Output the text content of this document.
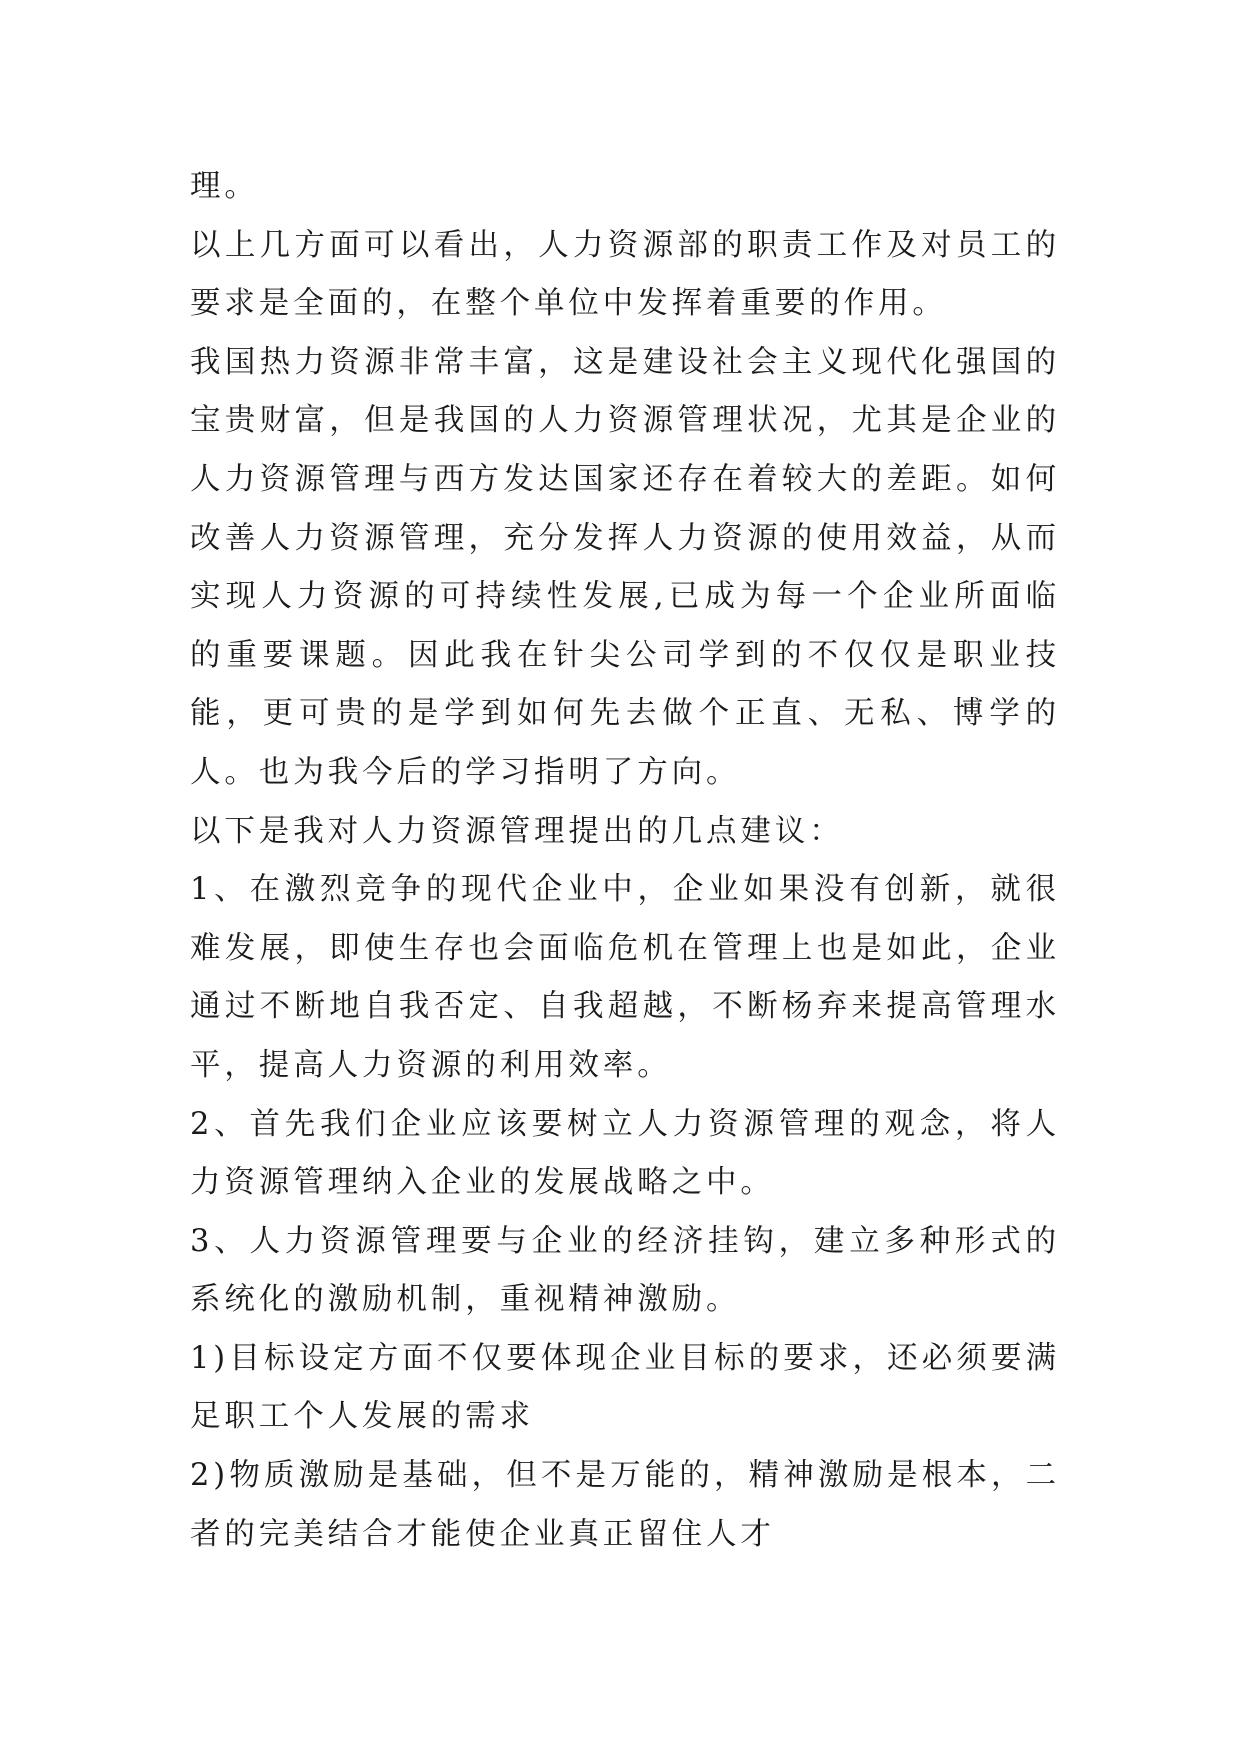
理。

以上几方面可以看出，人力资源部的职责工作及对员工的要求是全面的，在整个单位中发挥着重要的作用。

我国热力资源非常丰富，这是建设社会主义现代化强国的宝贵财富，但是我国的人力资源管理状况，尤其是企业的人力资源管理与西方发达国家还存在着较大的差距。如何改善人力资源管理，充分发挥人力资源的使用效益，从而实现人力资源的可持续性发展,已成为每一个企业所面临的重要课题。因此我在针尖公司学到的不仅仅是职业技能，更可贵的是学到如何先去做个正直、无私、博学的人。也为我今后的学习指明了方向。

以下是我对人力资源管理提出的几点建议：

1、在激烈竞争的现代企业中，企业如果没有创新，就很难发展，即使生存也会面临危机在管理上也是如此，企业通过不断地自我否定、自我超越，不断杨弃来提高管理水平，提高人力资源的利用效率。

2、首先我们企业应该要树立人力资源管理的观念，将人力资源管理纳入企业的发展战略之中。

3、人力资源管理要与企业的经济挂钩，建立多种形式的系统化的激励机制，重视精神激励。

1)目标设定方面不仅要体现企业目标的要求，还必须要满足职工个人发展的需求

2)物质激励是基础，但不是万能的，精神激励是根本，二者的完美结合才能使企业真正留住人才
